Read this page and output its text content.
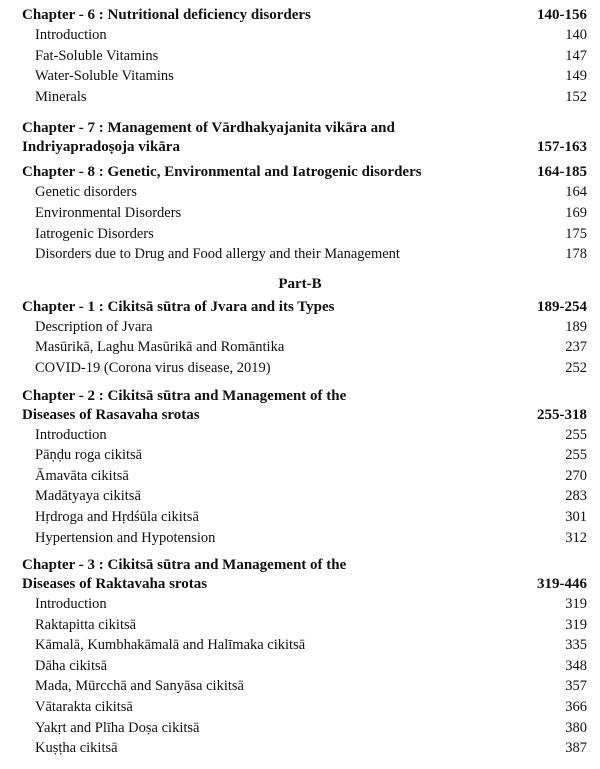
Chapter - 6 : Nutritional deficiency disorders	140-156
Introduction	140
Fat-Soluble Vitamins	147
Water-Soluble Vitamins	149
Minerals	152
Chapter - 7 : Management of Vārdhakyajanita vikāra and
Indriyapradoṣoja vikāra	157-163
Chapter - 8 : Genetic, Environmental and Iatrogenic disorders	164-185
Genetic disorders	164
Environmental Disorders	169
Iatrogenic Disorders	175
Disorders due to Drug and Food allergy and their Management	178
Part-B
Chapter - 1 : Cikitsā sūtra of Jvara and its Types	189-254
Description of Jvara	189
Masūrikā, Laghu Masūrikā and Romāntika	237
COVID-19 (Corona virus disease, 2019)	252
Chapter - 2 : Cikitsā sūtra and Management of the
Diseases of Rasavaha srotas	255-318
Introduction	255
Pāṇḍu roga cikitsā	255
Āmavāta cikitsā	270
Madātyaya cikitsā	283
Hṛdroga and Hṛdśūla cikitsā	301
Hypertension and Hypotension	312
Chapter - 3 : Cikitsā sūtra and Management of the
Diseases of Raktavaha srotas	319-446
Introduction	319
Raktapitta cikitsā	319
Kāmalā, Kumbhakāmalā and Halīmaka cikitsā	335
Dāha cikitsā	348
Mada, Mūrcchā and Sanyāsa cikitsā	357
Vātarakta cikitsā	366
Yakṛt and Plīha Doṣa cikitsā	380
Kuṣṭha cikitsā	387
